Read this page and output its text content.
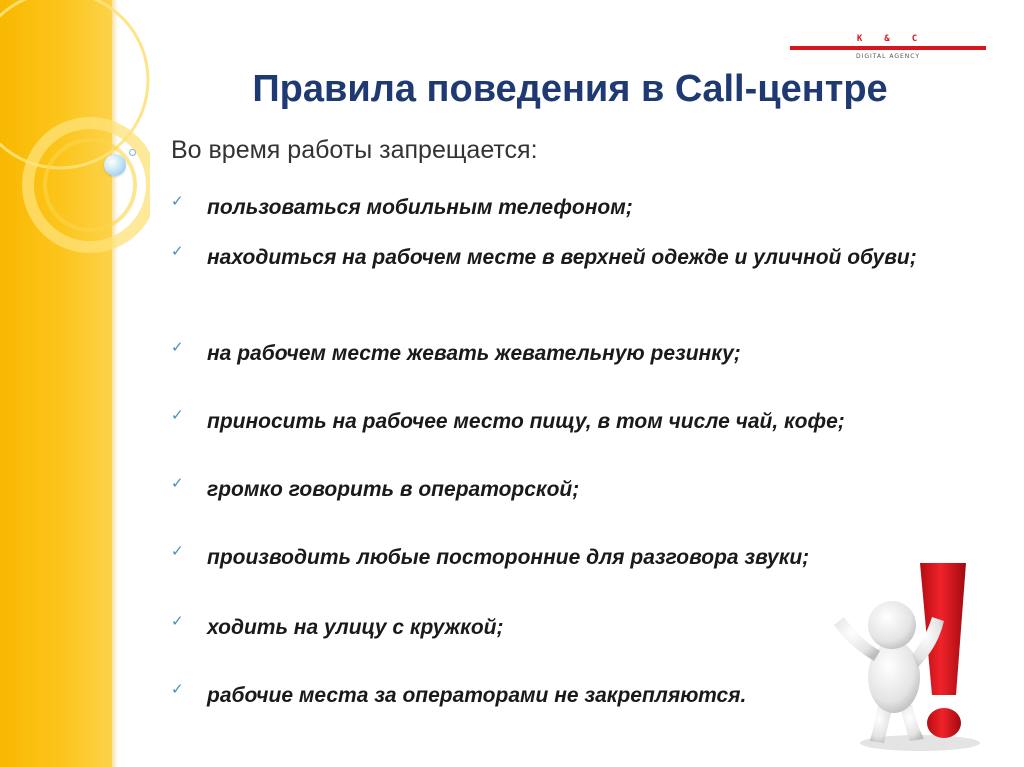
K & C
DIGITAL AGENCY
Правила поведения в Call-центре
Во время работы запрещается:
✓ пользоваться мобильным телефоном;
✓ находиться на рабочем месте в верхней одежде и уличной обуви;
✓ на рабочем месте жевать жевательную резинку;
✓ приносить на рабочее место пищу, в том числе чай, кофе;
✓ громко говорить в операторской;
✓ производить любые посторонние для разговора звуки;
✓ ходить на улицу с кружкой;
✓ рабочие места за операторами не закрепляются.
